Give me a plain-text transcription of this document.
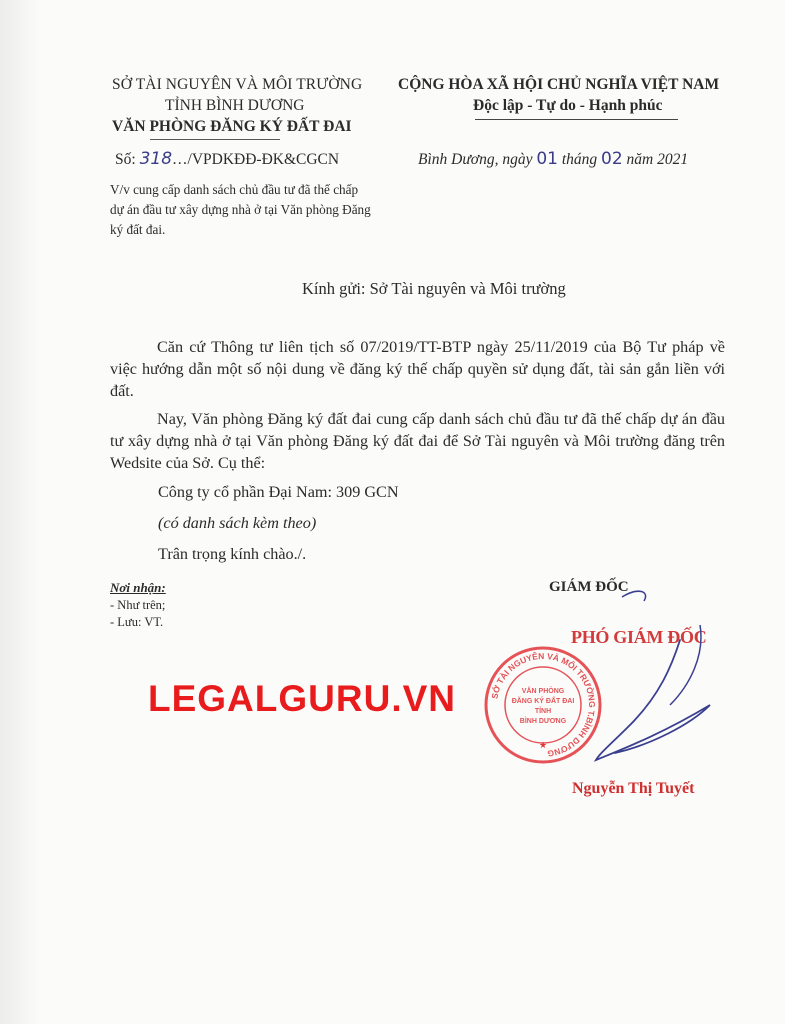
SỞ TÀI NGUYÊN VÀ MÔI TRƯỜNG
TỈNH BÌNH DƯƠNG
VĂN PHÒNG ĐĂNG KÝ ĐẤT ĐAI
CỘNG HÒA XÃ HỘI CHỦ NGHĨA VIỆT NAM
Độc lập - Tự do - Hạnh phúc
Số: 318…/VPDKĐĐ-ĐK&CGCN	Bình Dương, ngày 01 tháng 02 năm 2021
V/v cung cấp danh sách chủ đầu tư đã thế chấp dự án đầu tư xây dựng nhà ở tại Văn phòng Đăng ký đất đai.
Kính gửi: Sở Tài nguyên và Môi trường
Căn cứ Thông tư liên tịch số 07/2019/TT-BTP ngày 25/11/2019 của Bộ Tư pháp về việc hướng dẫn một số nội dung về đăng ký thế chấp quyền sử dụng đất, tài sản gắn liền với đất.
Nay, Văn phòng Đăng ký đất đai cung cấp danh sách chủ đầu tư đã thế chấp dự án đầu tư xây dựng nhà ở tại Văn phòng Đăng ký đất đai để Sở Tài nguyên và Môi trường đăng trên Wedsite của Sở. Cụ thể:
Công ty cổ phần Đại Nam: 309 GCN
(có danh sách kèm theo)
Trân trọng kính chào./.
Nơi nhận:
- Như trên;
- Lưu: VT.
GIÁM ĐỐC
SỞ TÀI NGUYÊN VÀ MÔI TRƯỜNG T.BÌNH DƯƠNG
VĂN PHÒNG
ĐĂNG KÝ ĐẤT ĐAI
TỈNH
BÌNH DƯƠNG
★
PHÓ GIÁM ĐỐC
Nguyễn Thị Tuyết
LEGALGURU.VN
